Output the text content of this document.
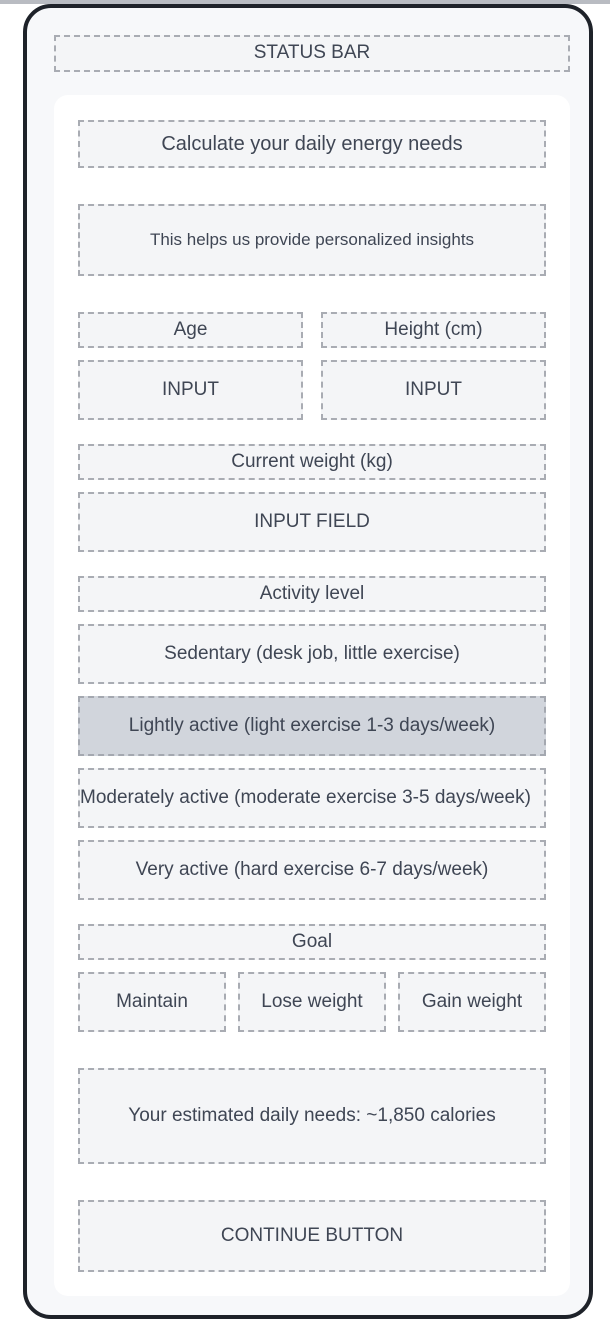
STATUS BAR
Calculate your daily energy needs
This helps us provide personalized insights
Age	Height (cm)
INPUT	INPUT
Current weight (kg)
INPUT FIELD
Activity level
Sedentary (desk job, little exercise)
Lightly active (light exercise 1-3 days/week)
Moderately active (moderate exercise 3-5 days/week)
Very active (hard exercise 6-7 days/week)
Goal
Maintain	Lose weight	Gain weight
Your estimated daily needs: ~1,850 calories
CONTINUE BUTTON
